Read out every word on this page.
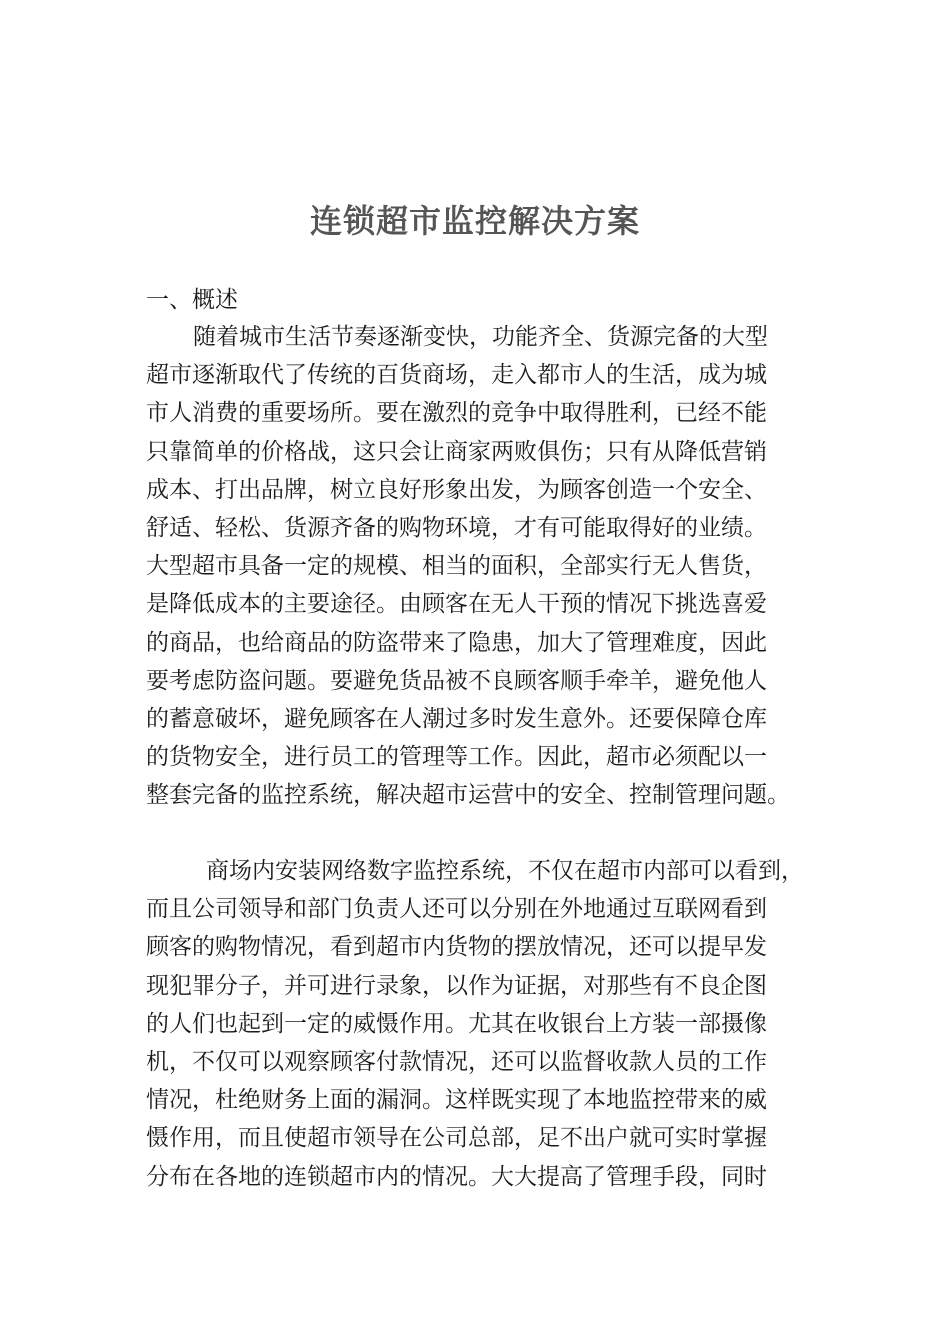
连锁超市监控解决方案
一、概述
随着城市生活节奏逐渐变快，功能齐全、货源完备的大型
超市逐渐取代了传统的百货商场，走入都市人的生活，成为城
市人消费的重要场所。要在激烈的竞争中取得胜利，已经不能
只靠简单的价格战，这只会让商家两败俱伤；只有从降低营销
成本、打出品牌，树立良好形象出发，为顾客创造一个安全、
舒适、轻松、货源齐备的购物环境，才有可能取得好的业绩。
大型超市具备一定的规模、相当的面积，全部实行无人售货，
是降低成本的主要途径。由顾客在无人干预的情况下挑选喜爱
的商品，也给商品的防盗带来了隐患，加大了管理难度，因此
要考虑防盗问题。要避免货品被不良顾客顺手牵羊，避免他人
的蓄意破坏，避免顾客在人潮过多时发生意外。还要保障仓库
的货物安全，进行员工的管理等工作。因此，超市必须配以一
整套完备的监控系统，解决超市运营中的安全、控制管理问题。
商场内安装网络数字监控系统，不仅在超市内部可以看到，
而且公司领导和部门负责人还可以分别在外地通过互联网看到
顾客的购物情况，看到超市内货物的摆放情况，还可以提早发
现犯罪分子，并可进行录象，以作为证据，对那些有不良企图
的人们也起到一定的威慑作用。尤其在收银台上方装一部摄像
机，不仅可以观察顾客付款情况，还可以监督收款人员的工作
情况，杜绝财务上面的漏洞。这样既实现了本地监控带来的威
慑作用，而且使超市领导在公司总部，足不出户就可实时掌握
分布在各地的连锁超市内的情况。大大提高了管理手段，同时
